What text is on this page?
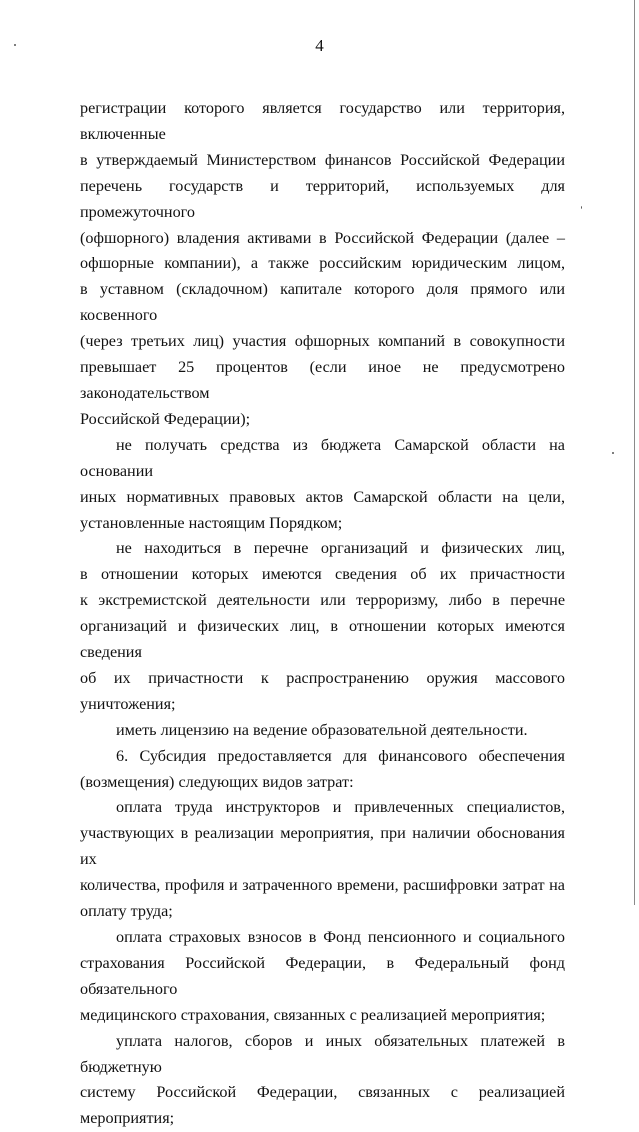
4
регистрации которого является государство или территория, включенные
в утверждаемый Министерством финансов Российской Федерации
перечень государств и территорий, используемых для промежуточного
(офшорного) владения активами в Российской Федерации (далее –
офшорные компании), а также российским юридическим лицом,
в уставном (складочном) капитале которого доля прямого или косвенного
(через третьих лиц) участия офшорных компаний в совокупности
превышает 25 процентов (если иное не предусмотрено законодательством
Российской Федерации);
не получать средства из бюджета Самарской области на основании
иных нормативных правовых актов Самарской области на цели,
установленные настоящим Порядком;
не находиться в перечне организаций и физических лиц,
в отношении которых имеются сведения об их причастности
к экстремистской деятельности или терроризму, либо в перечне
организаций и физических лиц, в отношении которых имеются сведения
об их причастности к распространению оружия массового уничтожения;
иметь лицензию на ведение образовательной деятельности.
6. Субсидия предоставляется для финансового обеспечения
(возмещения) следующих видов затрат:
оплата труда инструкторов и привлеченных специалистов,
участвующих в реализации мероприятия, при наличии обоснования их
количества, профиля и затраченного времени, расшифровки затрат на
оплату труда;
оплата страховых взносов в Фонд пенсионного и социального
страхования Российской Федерации, в Федеральный фонд обязательного
медицинского страхования, связанных с реализацией мероприятия;
уплата налогов, сборов и иных обязательных платежей в бюджетную
системy Российской Федерации, связанных с реализацией мероприятия;
